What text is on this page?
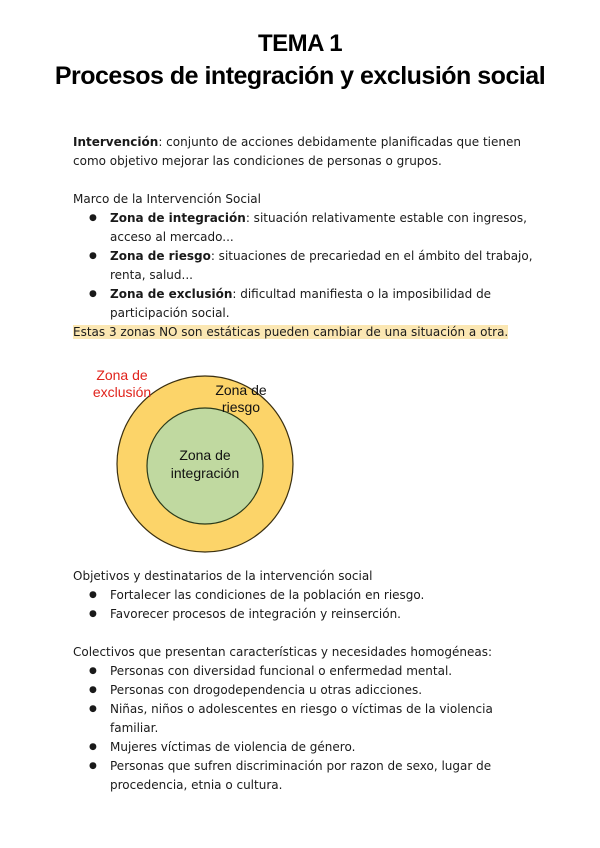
TEMA 1
Procesos de integración y exclusión social
Intervención: conjunto de acciones debidamente planificadas que tienen como objetivo mejorar las condiciones de personas o grupos.
Marco de la Intervención Social
● Zona de integración: situación relativamente estable con ingresos, acceso al mercado...
● Zona de riesgo: situaciones de precariedad en el ámbito del trabajo, renta, salud...
● Zona de exclusión: dificultad manifiesta o la imposibilidad de participación social.
Estas 3 zonas NO son estáticas pueden cambiar de una situación a otra.
Zona de
exclusión	Zona de
riesgo
Zona de
integración
Objetivos y destinatarios de la intervención social
● Fortalecer las condiciones de la población en riesgo.
● Favorecer procesos de integración y reinserción.
Colectivos que presentan características y necesidades homogéneas:
● Personas con diversidad funcional o enfermedad mental.
● Personas con drogodependencia u otras adicciones.
● Niñas, niños o adolescentes en riesgo o víctimas de la violencia familiar.
● Mujeres víctimas de violencia de género.
● Personas que sufren discriminación por razon de sexo, lugar de procedencia, etnia o cultura.
